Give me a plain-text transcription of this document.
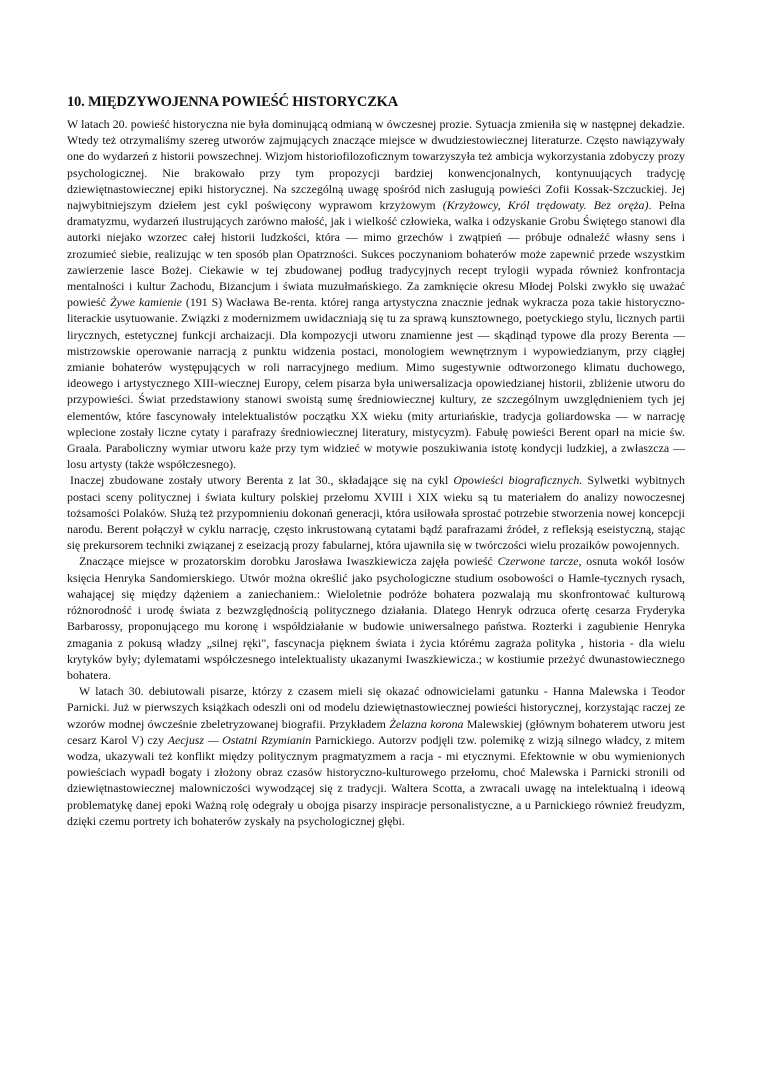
10. MIĘDZYWOJENNA POWIEŚĆ HISTORYCZKA

W latach 20. powieść historyczna nie była dominującą odmianą w ówczesnej prozie. Sytuacja zmieniła się w następnej dekadzie. Wtedy też otrzymaliśmy szereg utworów zajmujących znaczące miejsce w dwudziestowiecznej literaturze. Często nawiązywały one do wydarzeń z historii powszechnej. Wizjom historiofilozoficznym towarzyszyła też ambicja wykorzystania zdobyczy prozy psychologicznej. Nie brakowało przy tym propozycji bardziej konwencjonalnych, kontynuujących tradycję dziewiętnastowiecznej epiki historycznej. Na szczególną uwagę spośród nich zasługują powieści Zofii Kossak-Szczuckiej. Jej najwybitniejszym dziełem jest cykl poświęcony wyprawom krzyżowym (Krzyżowcy, Król trędowaty. Bez oręża). Pełna dramatyzmu, wydarzeń ilustrujących zarówno małość, jak i wielkość człowieka, walka i odzyskanie Grobu Świętego stanowi dla autorki niejako wzorzec całej historii ludzkości, która — mimo grzechów i zwątpień — próbuje odnaleźć własny sens i zrozumieć siebie, realizując w ten sposób plan Opatrzności. Sukces poczynaniom bohaterów może zapewnić przede wszystkim zawierzenie lasce Bożej. Ciekawie w tej zbudowanej podług tradycyjnych recept trylogii wypada również konfrontacja mentalności i kultur Zachodu, Bizancjum i świata muzułmańskiego. Za zamknięcie okresu Młodej Polski zwykło się uważać powieść Żywe kamienie (191 S) Wacława Be-renta. której ranga artystyczna znacznie jednak wykracza poza takie historyczno-literackie usytuowanie. Związki z modernizmem uwidaczniają się tu za sprawą kunsztownego, poetyckiego stylu, licznych partii lirycznych, estetycznej funkcji archaizacji. Dla kompozycji utworu znamienne jest — skądinąd typowe dla prozy Berenta — mistrzowskie operowanie narracją z punktu widzenia postaci, monologiem wewnętrznym i wypowiedzianym, przy ciągłej zmianie bohaterów występujących w roli narracyjnego medium. Mimo sugestywnie odtworzonego klimatu duchowego, ideowego i artystycznego XIII-wiecznej Europy, celem pisarza była uniwersalizacja opowiedzianej historii, zbliżenie utworu do przypowieści. Świat przedstawiony stanowi swoistą sumę średniowiecznej kultury, ze szczególnym uwzględnieniem tych jej elementów, które fascynowały intelektualistów początku XX wieku (mity arturiańskie, tradycja goliardowska — w narrację wplecione zostały liczne cytaty i parafrazy średniowiecznej literatury, mistycyzm). Fabułę powieści Berent oparł na micie św. Graala. Paraboliczny wymiar utworu każe przy tym widzieć w motywie poszukiwania istotę kondycji ludzkiej, a zwłaszcza — losu artysty (także współczesnego).

Inaczej zbudowane zostały utwory Berenta z lat 30., składające się na cykl Opowieści biograficznych. Sylwetki wybitnych postaci sceny politycznej i świata kultury polskiej przełomu XVIII i XIX wieku są tu materiałem do analizy nowoczesnej tożsamości Polaków. Służą też przypomnieniu dokonań generacji, która usiłowała sprostać potrzebie stworzenia nowej koncepcji narodu. Berent połączył w cyklu narrację, często inkrustowaną cytatami bądź parafrazami źródeł, z refleksją eseistyczną, stając się prekursorem techniki związanej z eseizacją prozy fabularnej, która ujawniła się w twórczości wielu prozaików powojennych.

Znaczące miejsce w prozatorskim dorobku Jarosława Iwaszkiewicza zajęła powieść Czerwone tarcze, osnuta wokół losów księcia Henryka Sandomierskiego. Utwór można określić jako psychologiczne studium osobowości o Hamle-tycznych rysach, wahającej się między dążeniem a zaniechaniem.: Wieloletnie podróże bohatera pozwalają mu skonfrontować kulturową różnorodność i urodę świata z bezwzględnością politycznego działania. Dlatego Henryk odrzuca ofertę cesarza Fryderyka Barbarossy, proponującego mu koronę i współdziałanie w budowie uniwersalnego państwa. Rozterki i zagubienie Henryka zmagania z pokusą władzy „silnej ręki", fascynacja pięknem świata i życia którému zagraża polityka , historia - dla wielu krytyków były; dylematami współczesnego intelektualisty ukazanymi Iwaszkiewicza.; w kostiumie przeżyć dwunastowiecznego bohatera.

W latach 30. debiutowali pisarze, którzy z czasem mieli się okazać odnowicielami gatunku - Hanna Malewska i Teodor Parnicki. Już w pierwszych książkach odeszli oni od modelu dziewiętnastowiecznej powieści historycznej, korzystając raczej ze wzorów modnej ówcześnie zbeletryzowanej biografii. Przykładem Żelazna korona Malewskiej (głównym bohaterem utworu jest cesarz Karol V) czy Aecjusz — Ostatni Rzymianin Parnickiego. Autorzv podjęli tzw. polemikę z wizją silnego władcy, z mitem wodza, ukazywali też konflikt między politycznym pragmatyzmem a racja - mi etycznymi. Efektownie w obu wymienionych powieściach wypadł bogaty i złożony obraz czasów historyczno-kulturowego przełomu, choć Malewska i Parnicki stronili od dziewiętnastowiecznej malowniczości wywodzącej się z tradycji. Waltera Scotta, a zwracali uwagę na intelektualną i ideową problematykę danej epoki Ważną rolę odegrały u obojga pisarzy inspiracje personalistyczne, a u Parnickiego również freudyzm, dzięki czemu portrety ich bohaterów zyskały na psychologicznej głębi.
